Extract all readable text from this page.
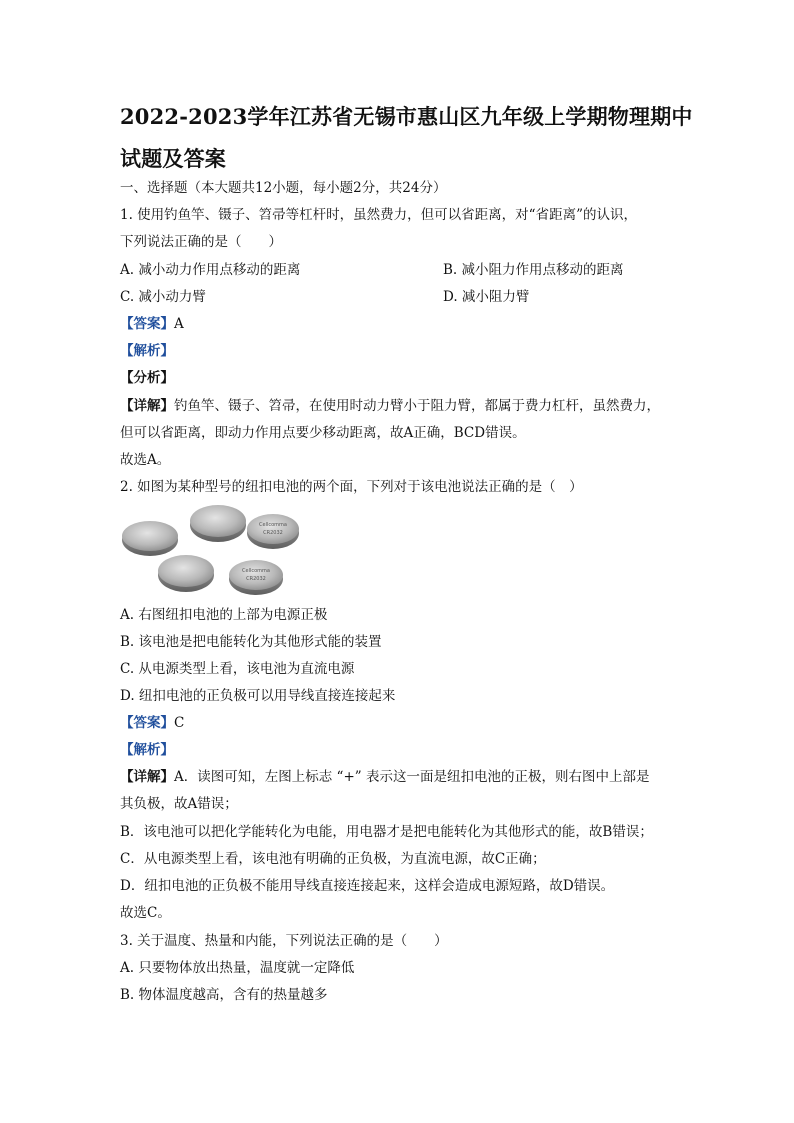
2022-2023学年江苏省无锡市惠山区九年级上学期物理期中
试题及答案
一、选择题（本大题共12小题，每小题2分，共24分）
1. 使用钓鱼竿、镊子、笤帚等杠杆时，虽然费力，但可以省距离，对“省距离”的认识，
下列说法正确的是（　　）
A. 减小动力作用点移动的距离	B. 减小阻力作用点移动的距离
C. 减小动力臂	D. 减小阻力臂
【答案】A
【解析】
【分析】
【详解】钓鱼竿、镊子、笤帚，在使用时动力臂小于阻力臂，都属于费力杠杆，虽然费力，
但可以省距离，即动力作用点要少移动距离，故A正确，BCD错误。
故选A。
2. 如图为某种型号的纽扣电池的两个面，下列对于该电池说法正确的是（　）
Cellcomma
CR2032
Cellcomma
CR2032
A. 右图纽扣电池的上部为电源正极
B. 该电池是把电能转化为其他形式能的装置
C. 从电源类型上看，该电池为直流电源
D. 纽扣电池的正负极可以用导线直接连接起来
【答案】C
【解析】
【详解】A．读图可知，左图上标志 “+” 表示这一面是纽扣电池的正极，则右图中上部是
其负极，故A错误；
B．该电池可以把化学能转化为电能，用电器才是把电能转化为其他形式的能，故B错误；
C．从电源类型上看，该电池有明确的正负极，为直流电源，故C正确；
D．纽扣电池的正负极不能用导线直接连接起来，这样会造成电源短路，故D错误。
故选C。
3. 关于温度、热量和内能，下列说法正确的是（　　）
A. 只要物体放出热量，温度就一定降低
B. 物体温度越高，含有的热量越多
